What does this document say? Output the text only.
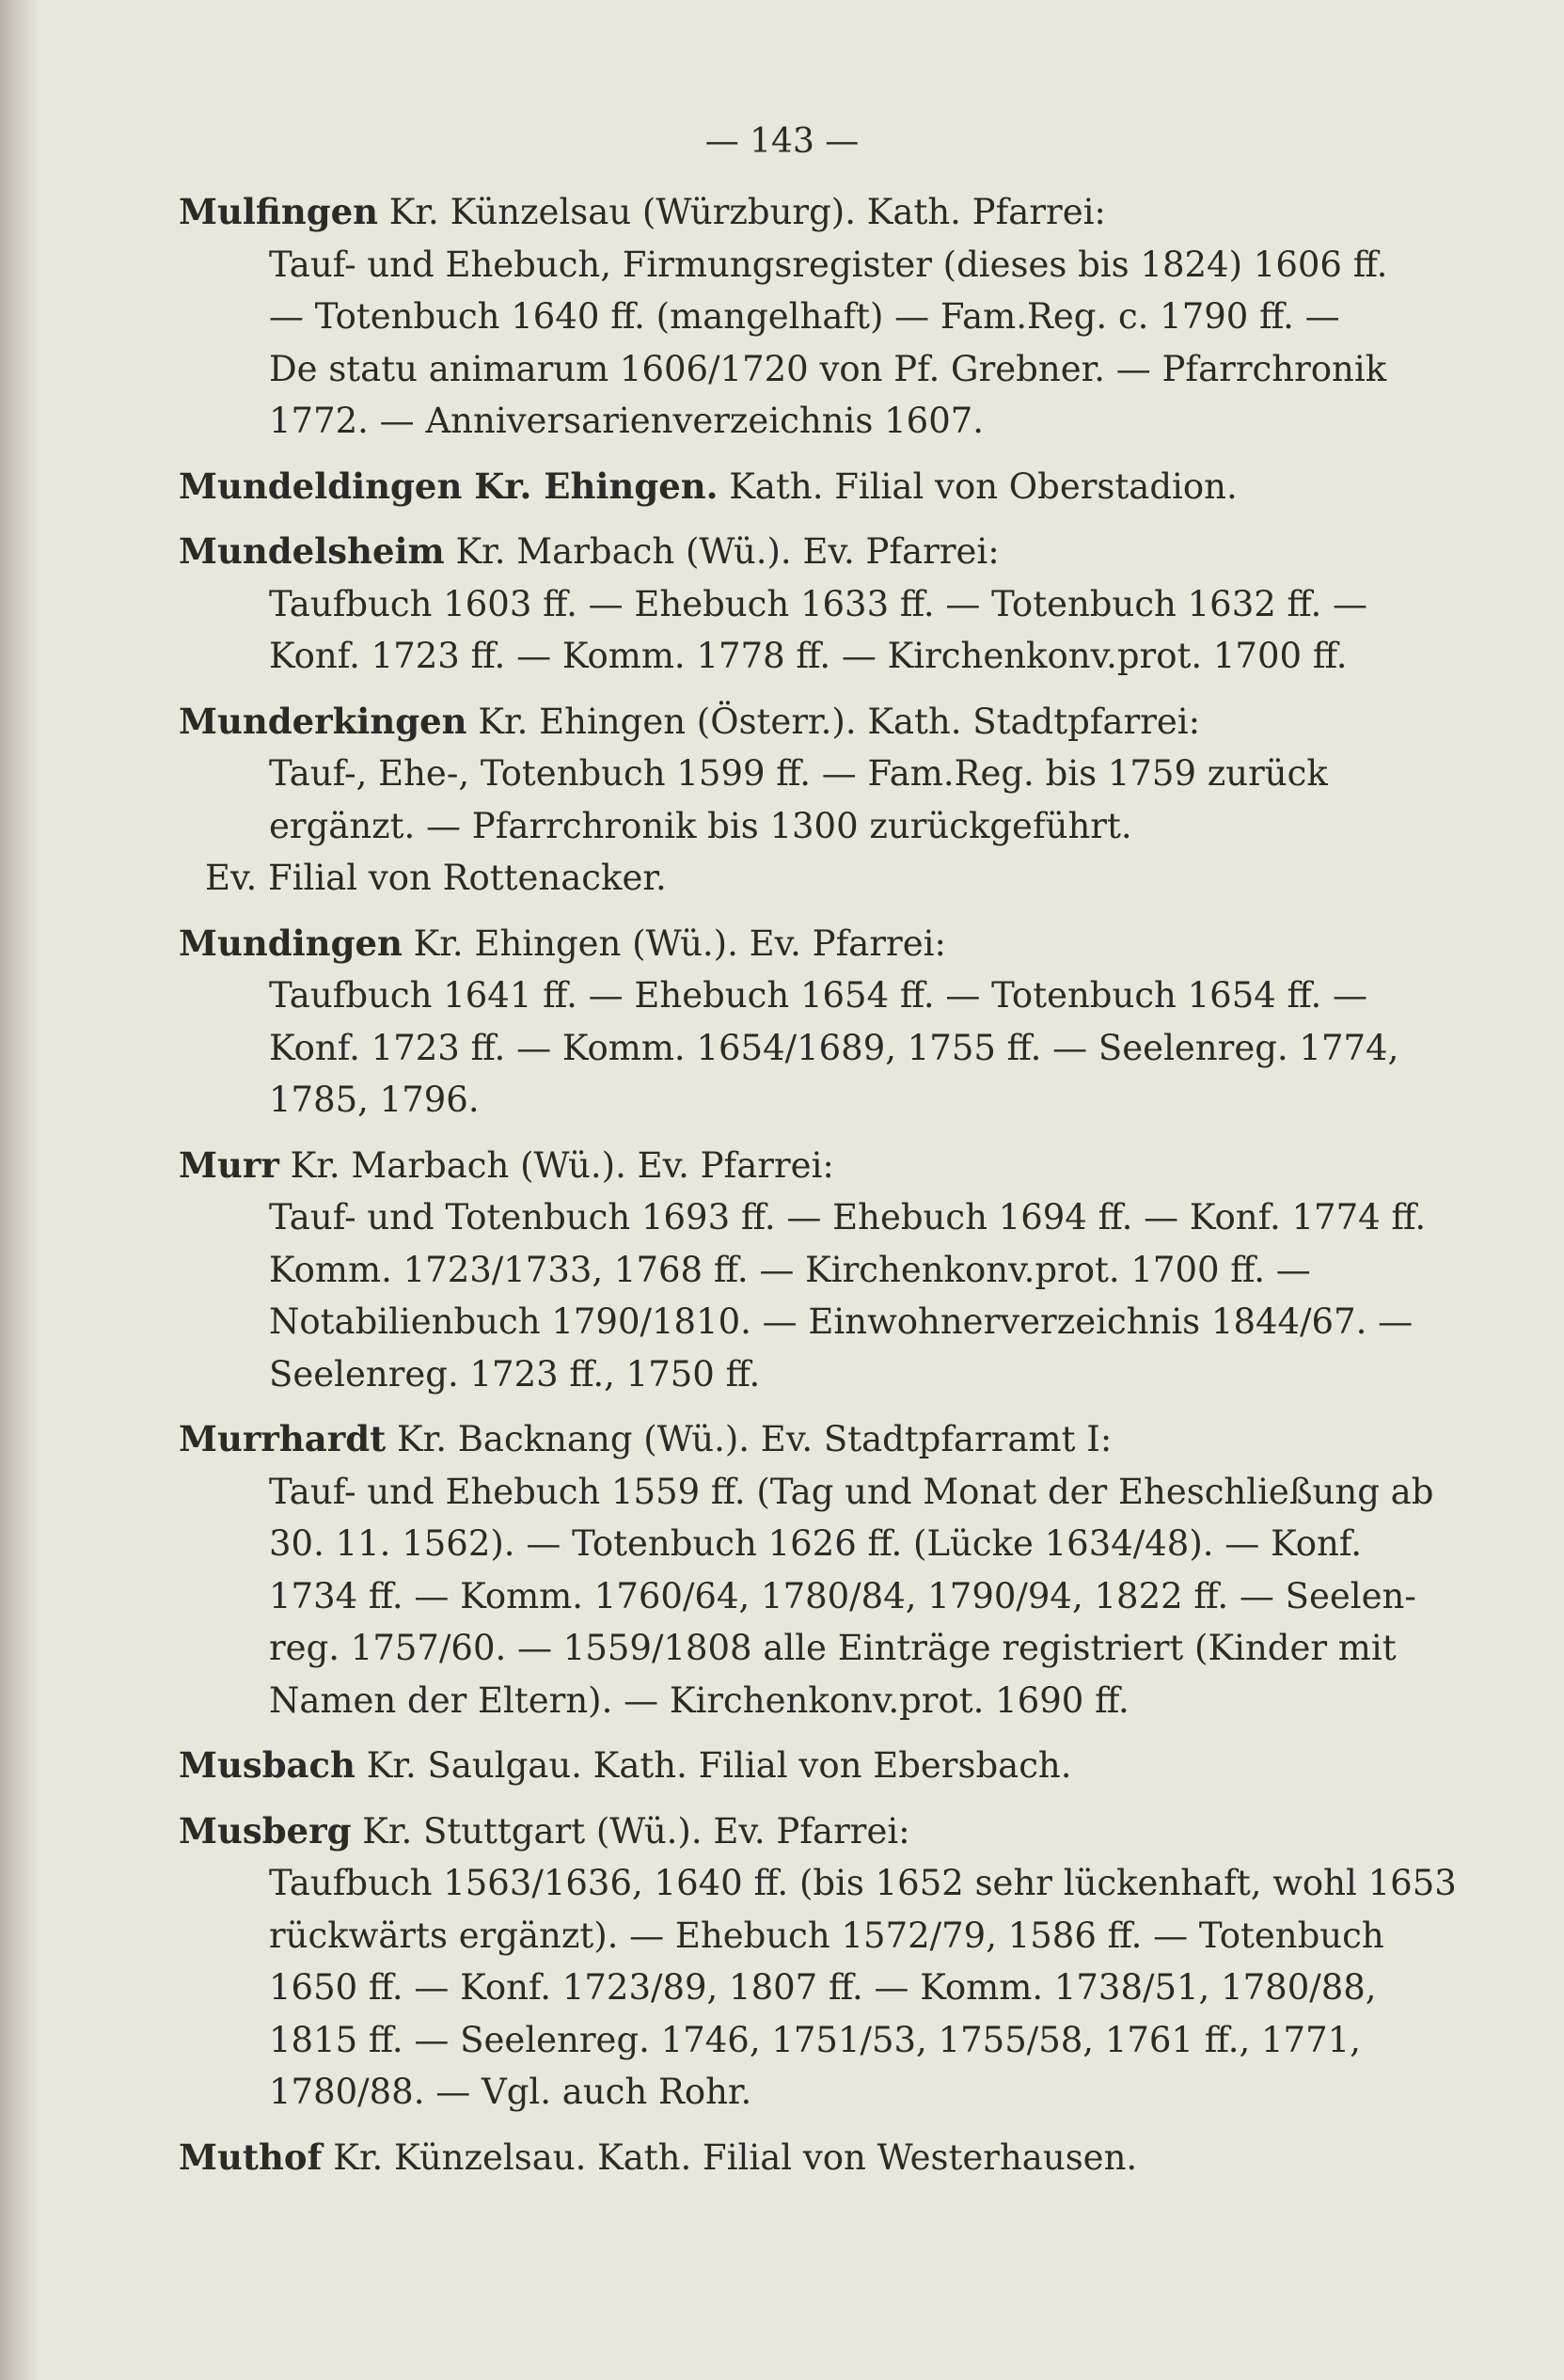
— 143 —
Mulfingen Kr. Künzelsau (Würzburg). Kath. Pfarrei:
Tauf- und Ehebuch, Firmungsregister (dieses bis 1824) 1606 ff.
— Totenbuch 1640 ff. (mangelhaft) — Fam.Reg. c. 1790 ff. —
De statu animarum 1606/1720 von Pf. Grebner. — Pfarrchronik
1772. — Anniversarienverzeichnis 1607.
Mundeldingen Kr. Ehingen. Kath. Filial von Oberstadion.
Mundelsheim Kr. Marbach (Wü.). Ev. Pfarrei:
Taufbuch 1603 ff. — Ehebuch 1633 ff. — Totenbuch 1632 ff. —
Konf. 1723 ff. — Komm. 1778 ff. — Kirchenkonv.prot. 1700 ff.
Munderkingen Kr. Ehingen (Österr.). Kath. Stadtpfarrei:
Tauf-, Ehe-, Totenbuch 1599 ff. — Fam.Reg. bis 1759 zurück
ergänzt. — Pfarrchronik bis 1300 zurückgeführt.
Ev. Filial von Rottenacker.
Mundingen Kr. Ehingen (Wü.). Ev. Pfarrei:
Taufbuch 1641 ff. — Ehebuch 1654 ff. — Totenbuch 1654 ff. —
Konf. 1723 ff. — Komm. 1654/1689, 1755 ff. — Seelenreg. 1774,
1785, 1796.
Murr Kr. Marbach (Wü.). Ev. Pfarrei:
Tauf- und Totenbuch 1693 ff. — Ehebuch 1694 ff. — Konf. 1774 ff.
Komm. 1723/1733, 1768 ff. — Kirchenkonv.prot. 1700 ff. —
Notabilienbuch 1790/1810. — Einwohnerverzeichnis 1844/67. —
Seelenreg. 1723 ff., 1750 ff.
Murrhardt Kr. Backnang (Wü.). Ev. Stadtpfarramt I:
Tauf- und Ehebuch 1559 ff. (Tag und Monat der Eheschließung ab
30. 11. 1562). — Totenbuch 1626 ff. (Lücke 1634/48). — Konf.
1734 ff. — Komm. 1760/64, 1780/84, 1790/94, 1822 ff. — Seelen-
reg. 1757/60. — 1559/1808 alle Einträge registriert (Kinder mit
Namen der Eltern). — Kirchenkonv.prot. 1690 ff.
Musbach Kr. Saulgau. Kath. Filial von Ebersbach.
Musberg Kr. Stuttgart (Wü.). Ev. Pfarrei:
Taufbuch 1563/1636, 1640 ff. (bis 1652 sehr lückenhaft, wohl 1653
rückwärts ergänzt). — Ehebuch 1572/79, 1586 ff. — Totenbuch
1650 ff. — Konf. 1723/89, 1807 ff. — Komm. 1738/51, 1780/88,
1815 ff. — Seelenreg. 1746, 1751/53, 1755/58, 1761 ff., 1771,
1780/88. — Vgl. auch Rohr.
Muthof Kr. Künzelsau. Kath. Filial von Westerhausen.
